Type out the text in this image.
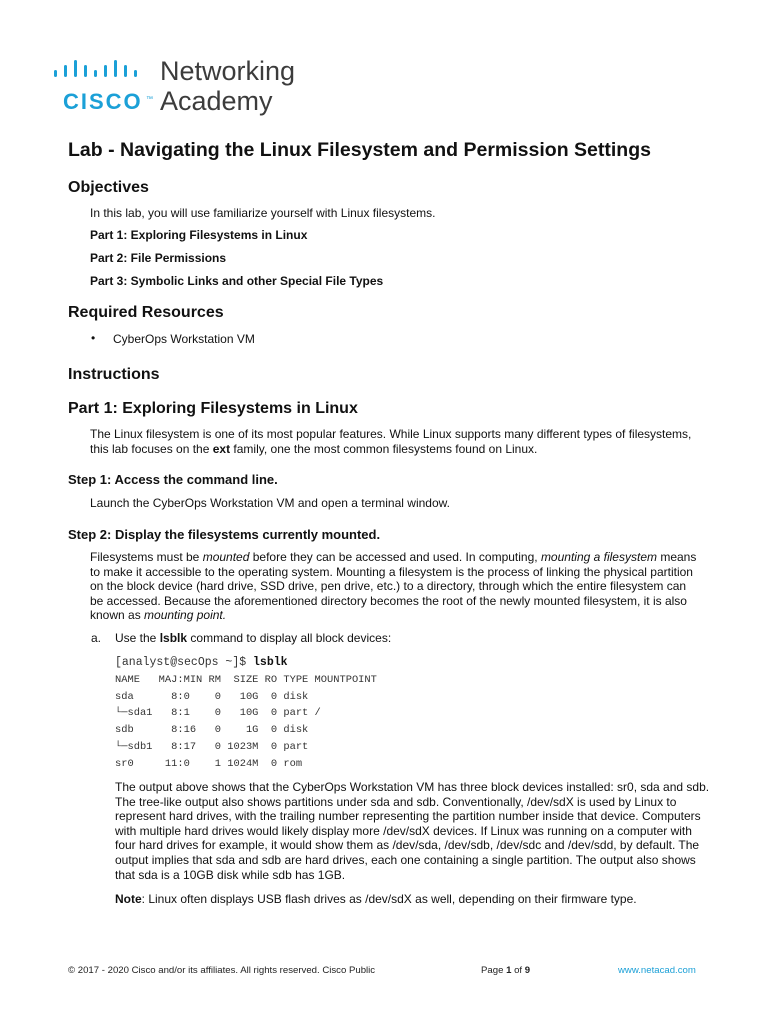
CISCO ™
Networking
Academy
Lab - Navigating the Linux Filesystem and Permission Settings
Objectives
In this lab, you will use familiarize yourself with Linux filesystems.
Part 1: Exploring Filesystems in Linux
Part 2: File Permissions
Part 3: Symbolic Links and other Special File Types
Required Resources
• CyberOps Workstation VM
Instructions
Part 1: Exploring Filesystems in Linux
The Linux filesystem is one of its most popular features. While Linux supports many different types of filesystems, this lab focuses on the ext family, one the most common filesystems found on Linux.
Step 1: Access the command line.
Launch the CyberOps Workstation VM and open a terminal window.
Step 2: Display the filesystems currently mounted.
Filesystems must be mounted before they can be accessed and used. In computing, mounting a filesystem means to make it accessible to the operating system. Mounting a filesystem is the process of linking the physical partition on the block device (hard drive, SSD drive, pen drive, etc.) to a directory, through which the entire filesystem can be accessed. Because the aforementioned directory becomes the root of the newly mounted filesystem, it is also known as mounting point.
a. Use the lsblk command to display all block devices:
[analyst@secOps ~]$ lsblk
NAME   MAJ:MIN RM  SIZE RO TYPE MOUNTPOINT
sda      8:0    0   10G  0 disk
└─sda1   8:1    0   10G  0 part /
sdb      8:16   0    1G  0 disk
└─sdb1   8:17   0 1023M  0 part
sr0     11:0    1 1024M  0 rom
The output above shows that the CyberOps Workstation VM has three block devices installed: sr0, sda and sdb. The tree-like output also shows partitions under sda and sdb. Conventionally, /dev/sdX is used by Linux to represent hard drives, with the trailing number representing the partition number inside that device. Computers with multiple hard drives would likely display more /dev/sdX devices. If Linux was running on a computer with four hard drives for example, it would show them as /dev/sda, /dev/sdb, /dev/sdc and /dev/sdd, by default. The output implies that sda and sdb are hard drives, each one containing a single partition. The output also shows that sda is a 10GB disk while sdb has 1GB.
Note: Linux often displays USB flash drives as /dev/sdX as well, depending on their firmware type.
© 2017 - 2020 Cisco and/or its affiliates. All rights reserved. Cisco Public	Page 1 of 9	www.netacad.com
